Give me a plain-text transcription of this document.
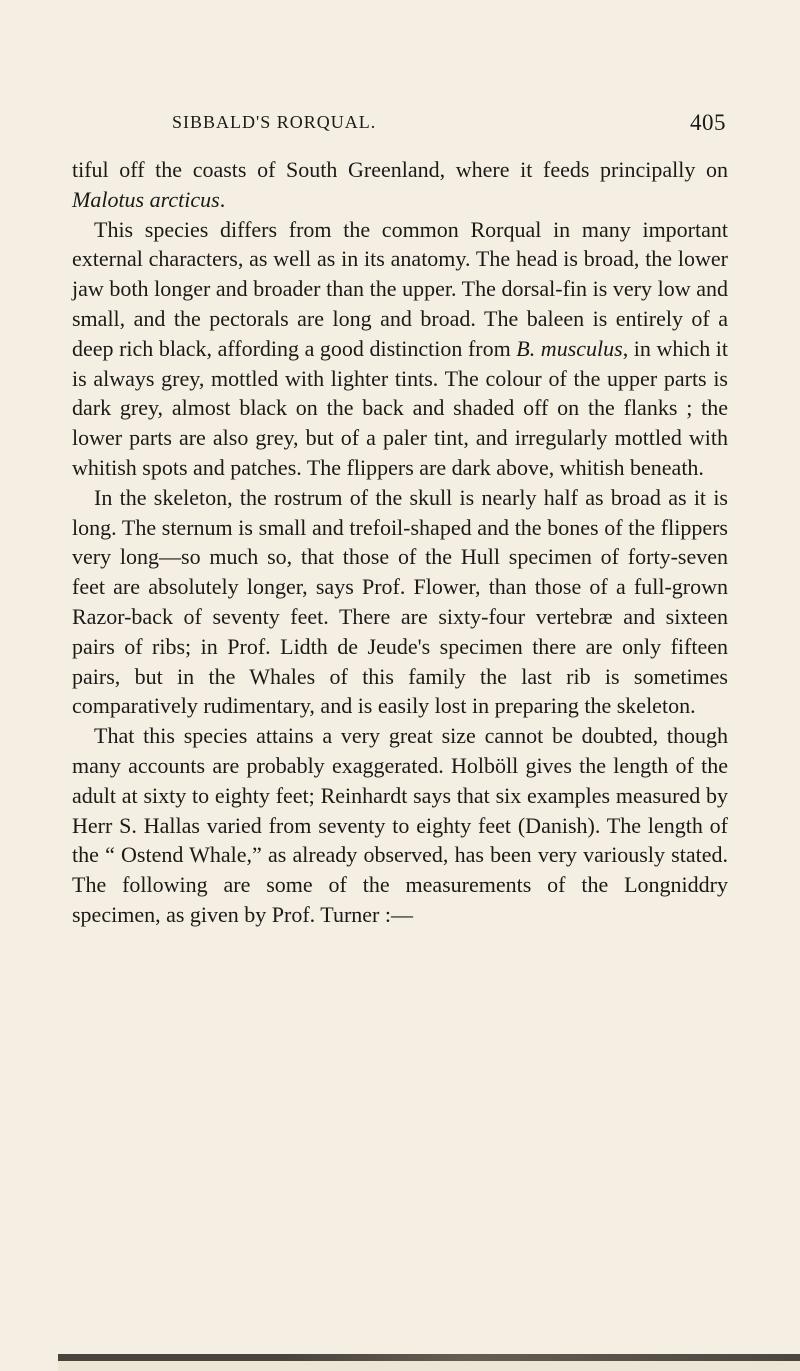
SIBBALD'S RORQUAL.	405

tiful off the coasts of South Greenland, where it feeds principally on Malotus arcticus.

This species differs from the common Rorqual in many important external characters, as well as in its anatomy. The head is broad, the lower jaw both longer and broader than the upper. The dorsal-fin is very low and small, and the pectorals are long and broad. The baleen is entirely of a deep rich black, affording a good distinction from B. musculus, in which it is always grey, mottled with lighter tints. The colour of the upper parts is dark grey, almost black on the back and shaded off on the flanks ; the lower parts are also grey, but of a paler tint, and irregularly mottled with whitish spots and patches. The flippers are dark above, whitish beneath.

In the skeleton, the rostrum of the skull is nearly half as broad as it is long. The sternum is small and trefoil-shaped and the bones of the flippers very long—so much so, that those of the Hull specimen of forty-seven feet are absolutely longer, says Prof. Flower, than those of a full-grown Razor-back of seventy feet. There are sixty-four vertebræ and sixteen pairs of ribs; in Prof. Lidth de Jeude's specimen there are only fifteen pairs, but in the Whales of this family the last rib is sometimes comparatively rudimentary, and is easily lost in preparing the skeleton.

That this species attains a very great size cannot be doubted, though many accounts are probably exaggerated. Holböll gives the length of the adult at sixty to eighty feet; Reinhardt says that six examples measured by Herr S. Hallas varied from seventy to eighty feet (Danish). The length of the “ Ostend Whale,” as already observed, has been very variously stated. The following are some of the measurements of the Longniddry specimen, as given by Prof. Turner :—
